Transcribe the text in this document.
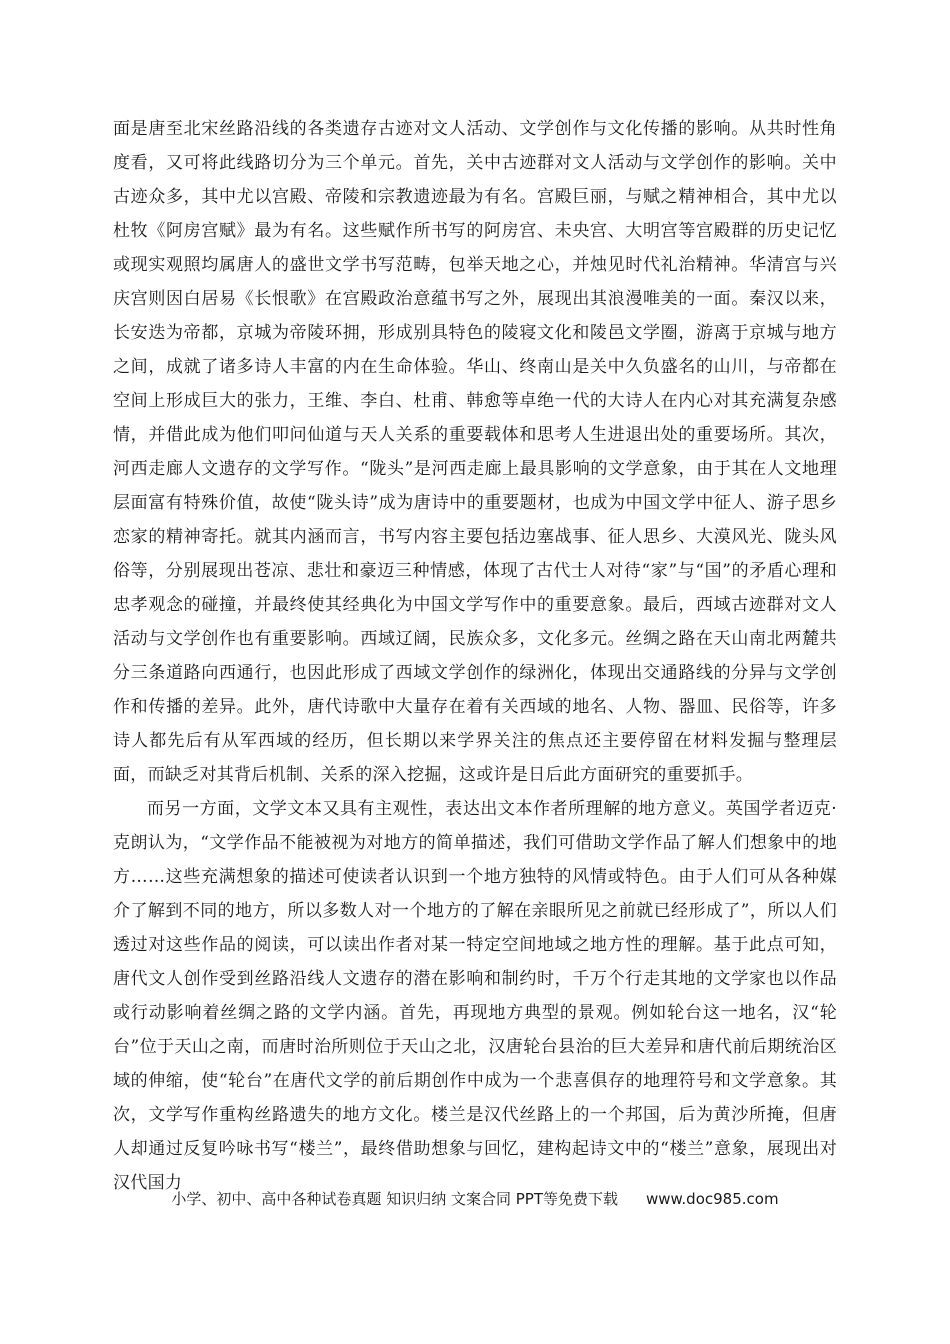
面是唐至北宋丝路沿线的各类遗存古迹对文人活动、文学创作与文化传播的影响。从共时性角度看，又可将此线路切分为三个单元。首先，关中古迹群对文人活动与文学创作的影响。关中古迹众多，其中尤以宫殿、帝陵和宗教遗迹最为有名。宫殿巨丽，与赋之精神相合，其中尤以杜牧《阿房宫赋》最为有名。这些赋作所书写的阿房宫、未央宫、大明宫等宫殿群的历史记忆或现实观照均属唐人的盛世文学书写范畴，包举天地之心，并烛见时代礼治精神。华清宫与兴庆宫则因白居易《长恨歌》在宫殿政治意蕴书写之外，展现出其浪漫唯美的一面。秦汉以来，长安迭为帝都，京城为帝陵环拥，形成别具特色的陵寝文化和陵邑文学圈，游离于京城与地方之间，成就了诸多诗人丰富的内在生命体验。华山、终南山是关中久负盛名的山川，与帝都在空间上形成巨大的张力，王维、李白、杜甫、韩愈等卓绝一代的大诗人在内心对其充满复杂感情，并借此成为他们叩问仙道与天人关系的重要载体和思考人生进退出处的重要场所。其次，河西走廊人文遗存的文学写作。“陇头”是河西走廊上最具影响的文学意象，由于其在人文地理层面富有特殊价值，故使“陇头诗”成为唐诗中的重要题材，也成为中国文学中征人、游子思乡恋家的精神寄托。就其内涵而言，书写内容主要包括边塞战事、征人思乡、大漠风光、陇头风俗等，分别展现出苍凉、悲壮和豪迈三种情感，体现了古代士人对待“家”与“国”的矛盾心理和忠孝观念的碰撞，并最终使其经典化为中国文学写作中的重要意象。最后，西域古迹群对文人活动与文学创作也有重要影响。西域辽阔，民族众多，文化多元。丝绸之路在天山南北两麓共分三条道路向西通行，也因此形成了西域文学创作的绿洲化，体现出交通路线的分异与文学创作和传播的差异。此外，唐代诗歌中大量存在着有关西域的地名、人物、器皿、民俗等，许多诗人都先后有从军西域的经历，但长期以来学界关注的焦点还主要停留在材料发掘与整理层面，而缺乏对其背后机制、关系的深入挖掘，这或许是日后此方面研究的重要抓手。

而另一方面，文学文本又具有主观性，表达出文本作者所理解的地方意义。英国学者迈克·克朗认为，“文学作品不能被视为对地方的简单描述，我们可借助文学作品了解人们想象中的地方……这些充满想象的描述可使读者认识到一个地方独特的风情或特色。由于人们可从各种媒介了解到不同的地方，所以多数人对一个地方的了解在亲眼所见之前就已经形成了”，所以人们透过对这些作品的阅读，可以读出作者对某一特定空间地域之地方性的理解。基于此点可知，唐代文人创作受到丝路沿线人文遗存的潜在影响和制约时，千万个行走其地的文学家也以作品或行动影响着丝绸之路的文学内涵。首先，再现地方典型的景观。例如轮台这一地名，汉“轮台”位于天山之南，而唐时治所则位于天山之北，汉唐轮台县治的巨大差异和唐代前后期统治区域的伸缩，使“轮台”在唐代文学的前后期创作中成为一个悲喜俱存的地理符号和文学意象。其次，文学写作重构丝路遗失的地方文化。楼兰是汉代丝路上的一个邦国，后为黄沙所掩，但唐人却通过反复吟咏书写“楼兰”，最终借助想象与回忆，建构起诗文中的“楼兰”意象，展现出对汉代国力

小学、初中、高中各种试卷真题 知识归纳 文案合同 PPT等免费下载 www.doc985.com
